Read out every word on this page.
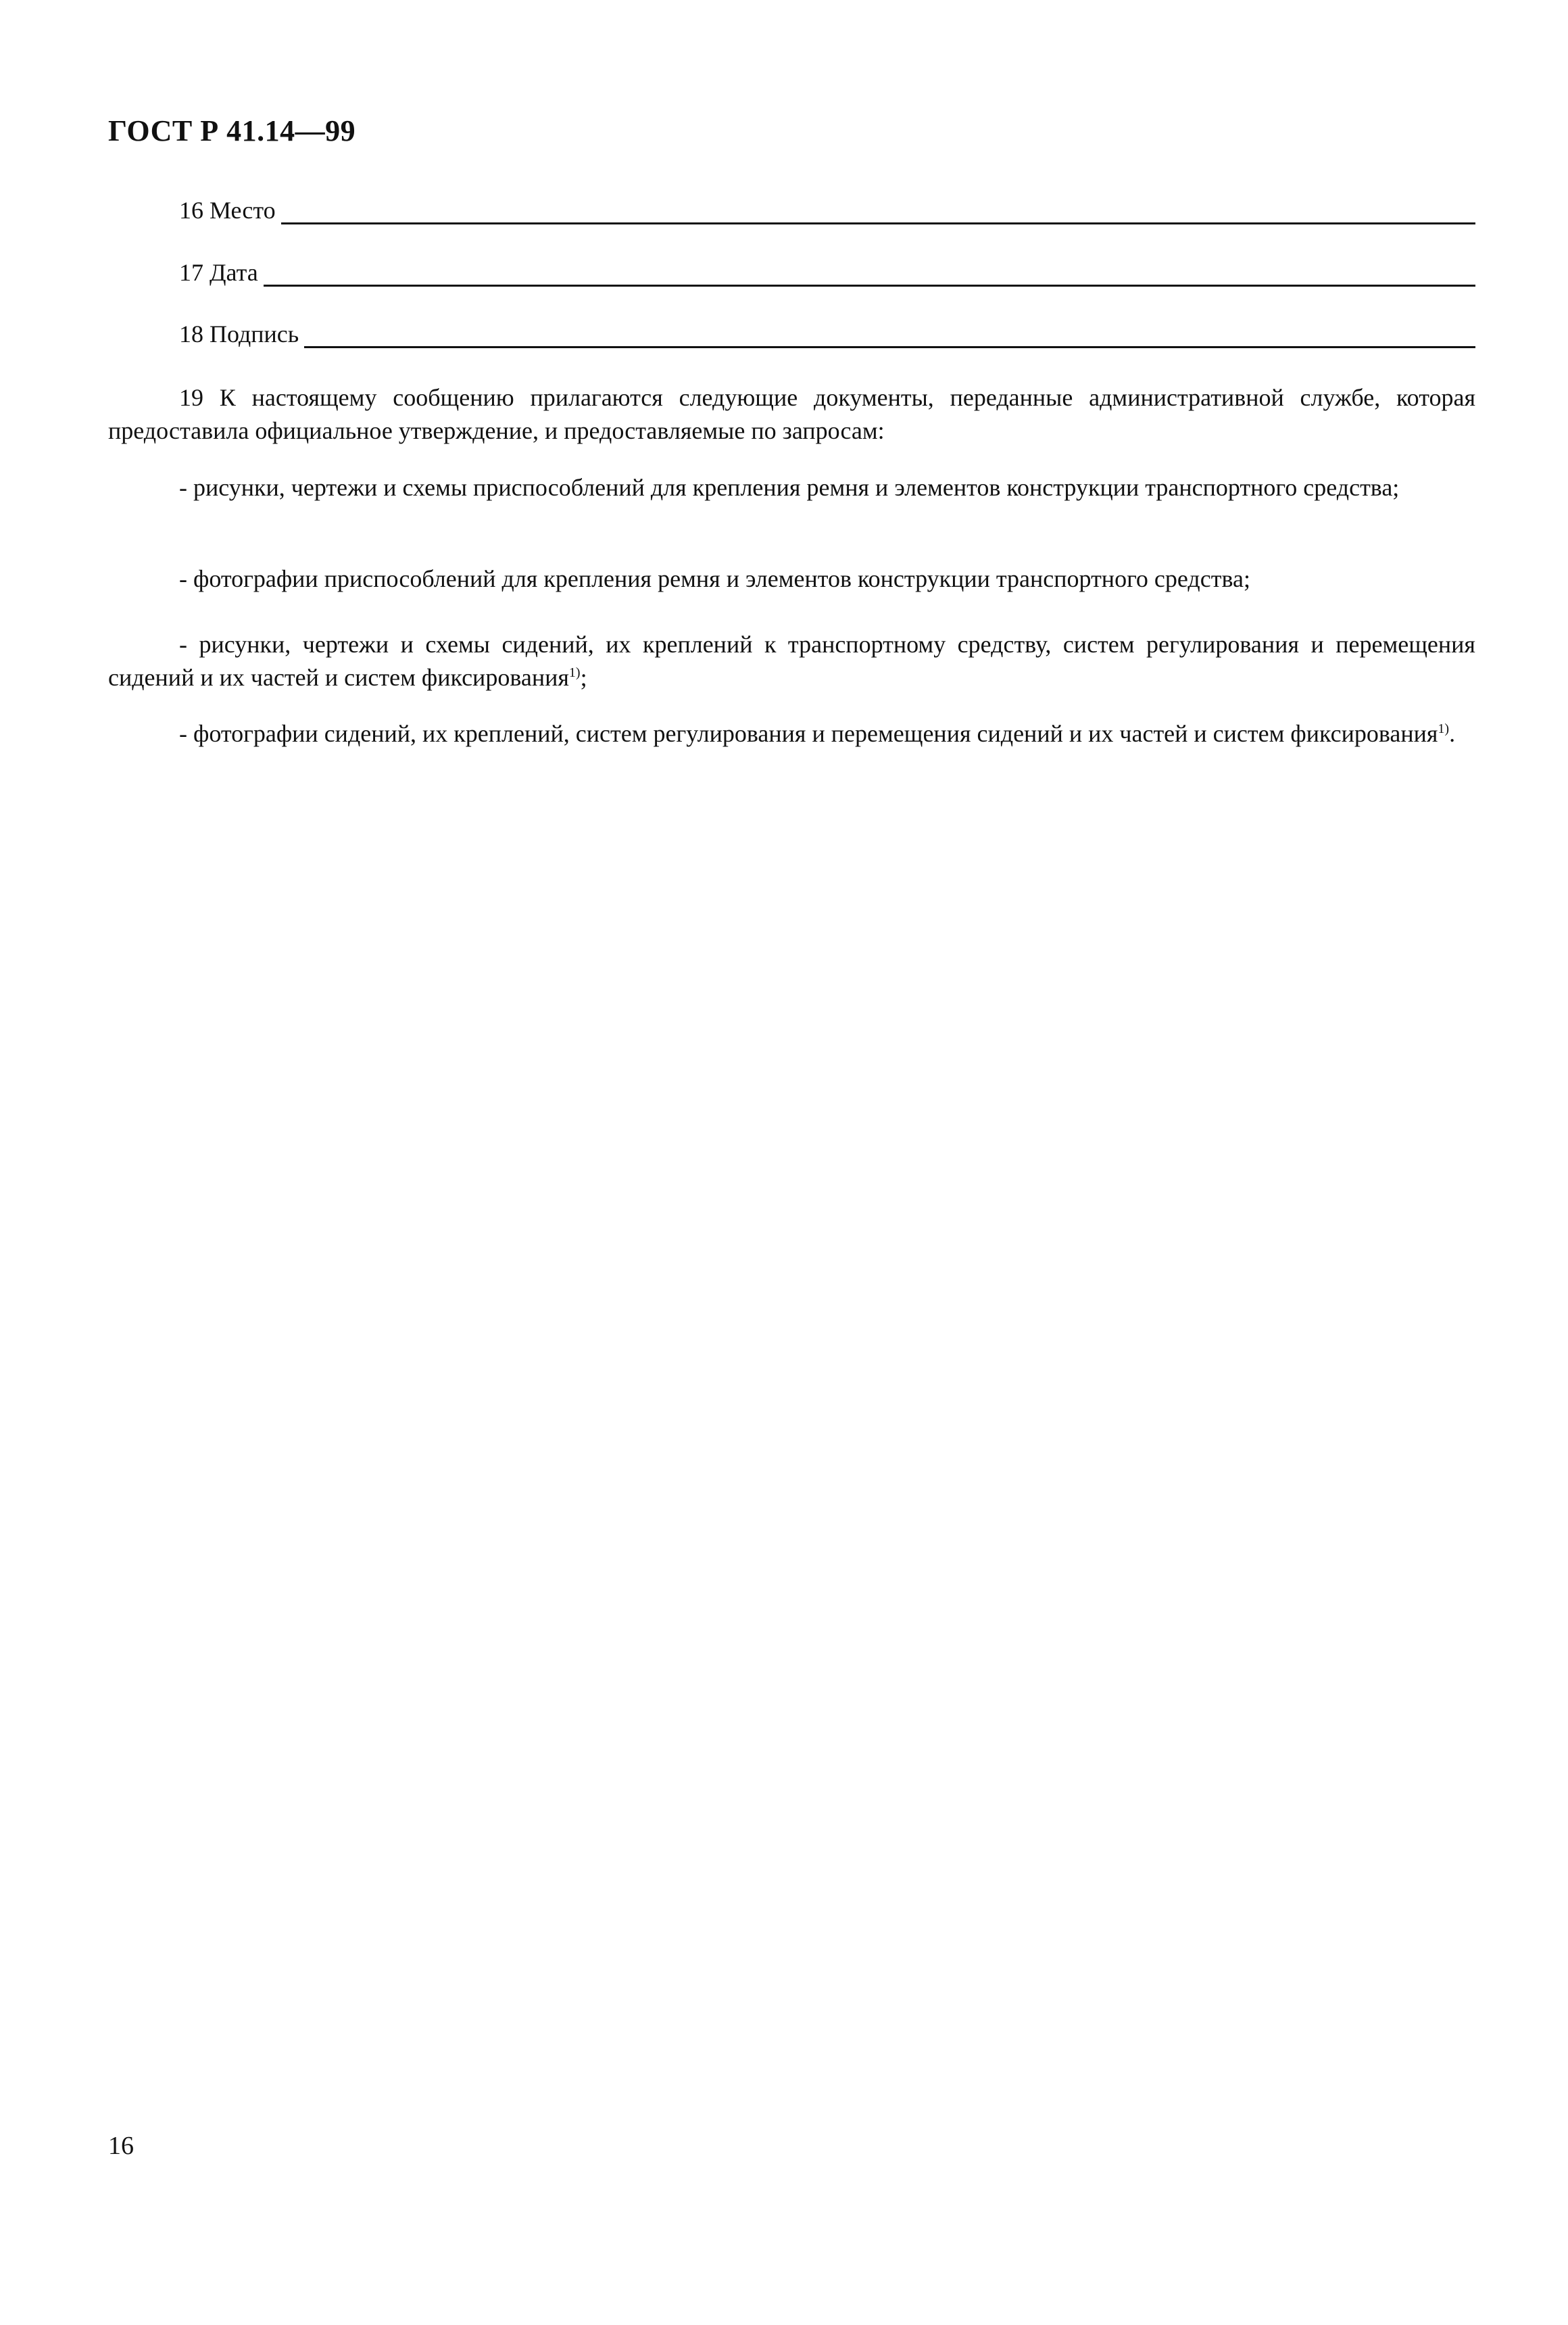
ГОСТ Р 41.14—99
16 Место
17 Дата
18 Подпись
19 К настоящему сообщению прилагаются следующие документы, переданные административной службе, которая предоставила официальное утверждение, и предоставляемые по запросам:
- рисунки, чертежи и схемы приспособлений для крепления ремня и элементов конструкции транспортного средства;
- фотографии приспособлений для крепления ремня и элементов конструкции транспортного средства;
- рисунки, чертежи и схемы сидений, их креплений к транспортному средству, систем регулирования и перемещения сидений и их частей и систем фиксирования$^{1)}$;
- фотографии сидений, их креплений, систем регулирования и перемещения сидений и их частей и систем фиксирования$^{1)}$.
16
